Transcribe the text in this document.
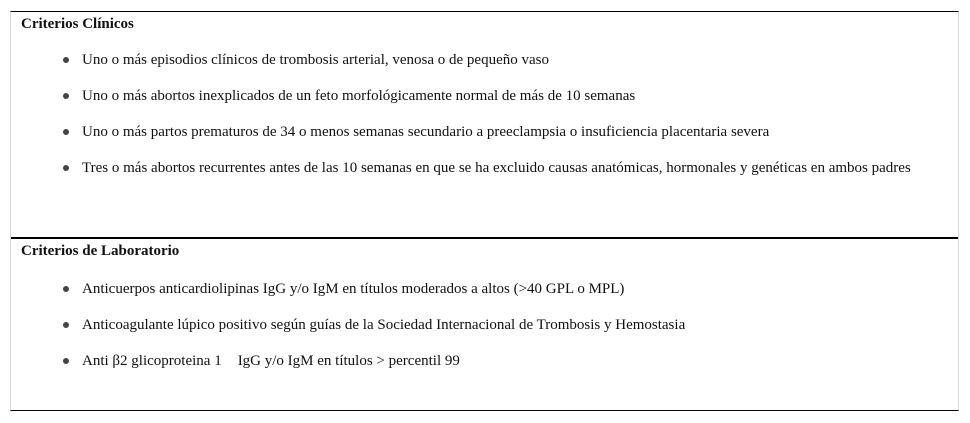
Criterios Clínicos
Uno o más episodios clínicos de trombosis arterial, venosa o de pequeño vaso
Uno o más abortos inexplicados de un feto morfológicamente normal de más de 10 semanas
Uno o más partos prematuros de 34 o menos semanas secundario a preeclampsia o insuficiencia placentaria severa
Tres o más abortos recurrentes antes de las 10 semanas en que se ha excluido causas anatómicas, hormonales y genéticas en ambos padres
Criterios de Laboratorio
Anticuerpos anticardiolipinas IgG y/o IgM en títulos moderados a altos (>40 GPL o MPL)
Anticoagulante lúpico positivo según guías de la Sociedad Internacional de Trombosis y Hemostasia
Anti β2 glicoproteina 1 IgG y/o IgM en títulos > percentil 99
